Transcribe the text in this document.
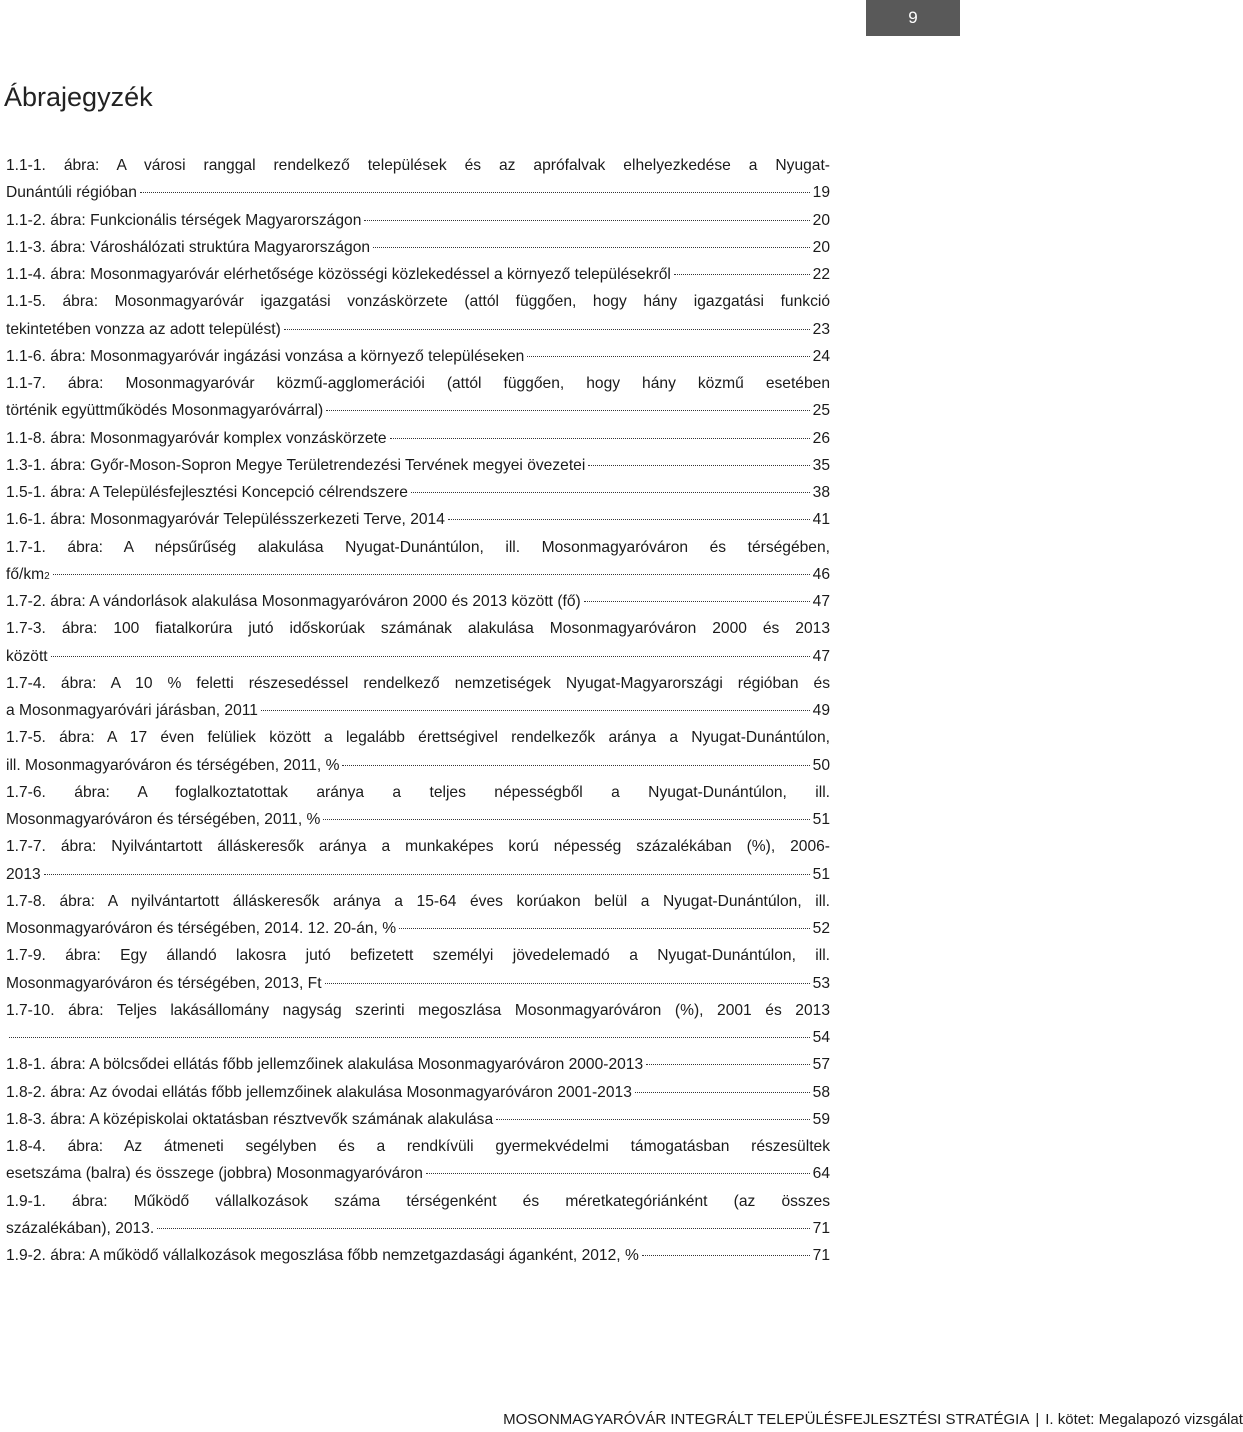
9
Ábrajegyzék
1.1-1. ábra: A városi ranggal rendelkező települések és az aprófalvak elhelyezkedése a Nyugat-
Dunántúli régióban	19
1.1-2. ábra: Funkcionális térségek Magyarországon	20
1.1-3. ábra: Városhálózati struktúra Magyarországon	20
1.1-4. ábra: Mosonmagyaróvár elérhetősége közösségi közlekedéssel a környező településekről	22
1.1-5. ábra: Mosonmagyaróvár igazgatási vonzáskörzete (attól függően, hogy hány igazgatási funkció
tekintetében vonzza az adott települést)	23
1.1-6. ábra: Mosonmagyaróvár ingázási vonzása a környező településeken	24
1.1-7. ábra: Mosonmagyaróvár közmű-agglomerációi (attól függően, hogy hány közmű esetében
történik együttműködés Mosonmagyaróvárral)	25
1.1-8. ábra: Mosonmagyaróvár komplex vonzáskörzete	26
1.3-1. ábra: Győr-Moson-Sopron Megye Területrendezési Tervének megyei övezetei	35
1.5-1. ábra: A Településfejlesztési Koncepció célrendszere	38
1.6-1. ábra: Mosonmagyaróvár Településszerkezeti Terve, 2014	41
1.7-1. ábra: A népsűrűség alakulása Nyugat-Dunántúlon, ill. Mosonmagyaróváron és térségében,
fő/km 2	46
1.7-2. ábra: A vándorlások alakulása Mosonmagyaróváron 2000 és 2013 között (fő)	47
1.7-3. ábra: 100 fiatalkorúra jutó időskorúak számának alakulása Mosonmagyaróváron 2000 és 2013
között	47
1.7-4. ábra: A 10 % feletti részesedéssel rendelkező nemzetiségek Nyugat-Magyarországi régióban és
a Mosonmagyaróvári járásban, 2011	49
1.7-5. ábra: A 17 éven felüliek között a legalább érettségivel rendelkezők aránya a Nyugat-Dunántúlon,
ill. Mosonmagyaróváron és térségében, 2011, %	50
1.7-6. ábra: A foglalkoztatottak aránya a teljes népességből a Nyugat-Dunántúlon, ill.
Mosonmagyaróváron és térségében, 2011, %	51
1.7-7. ábra: Nyilvántartott álláskeresők aránya a munkaképes korú népesség százalékában (%), 2006-
2013	51
1.7-8. ábra: A nyilvántartott álláskeresők aránya a 15-64 éves korúakon belül a Nyugat-Dunántúlon, ill.
Mosonmagyaróváron és térségében, 2014. 12. 20-án, %	52
1.7-9. ábra: Egy állandó lakosra jutó befizetett személyi jövedelemadó a Nyugat-Dunántúlon, ill.
Mosonmagyaróváron és térségében, 2013, Ft	53
1.7-10. ábra: Teljes lakásállomány nagyság szerinti megoszlása Mosonmagyaróváron (%), 2001 és 2013
54
1.8-1. ábra: A bölcsődei ellátás főbb jellemzőinek alakulása Mosonmagyaróváron 2000-2013	57
1.8-2. ábra: Az óvodai ellátás főbb jellemzőinek alakulása Mosonmagyaróváron 2001-2013	58
1.8-3. ábra: A középiskolai oktatásban résztvevők számának alakulása	59
1.8-4. ábra: Az átmeneti segélyben és a rendkívüli gyermekvédelmi támogatásban részesültek
esetszáma (balra) és összege (jobbra) Mosonmagyaróváron	64
1.9-1. ábra: Működő vállalkozások száma térségenként és méretkategóriánként (az összes
százalékában), 2013.	71
1.9-2. ábra: A működő vállalkozások megoszlása főbb nemzetgazdasági áganként, 2012, %	71
MOSONMAGYARÓVÁR INTEGRÁLT TELEPÜLÉSFEJLESZTÉSI STRATÉGIA | I. kötet: Megalapozó vizsgálat
